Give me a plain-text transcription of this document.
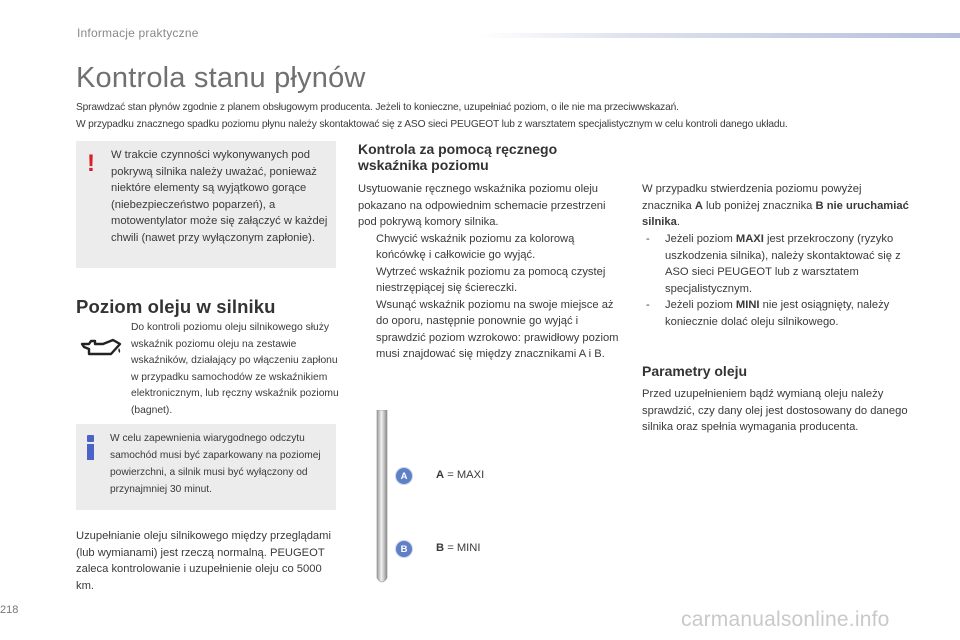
Informacje praktyczne
Kontrola stanu płynów
Sprawdzać stan płynów zgodnie z planem obsługowym producenta. Jeżeli to konieczne, uzupełniać poziom, o ile nie ma przeciwwskazań.
W przypadku znacznego spadku poziomu płynu należy skontaktować się z ASO sieci PEUGEOT lub z warsztatem specjalistycznym w celu kontroli danego układu.
! W trakcie czynności wykonywanych pod pokrywą silnika należy uważać, ponieważ niektóre elementy są wyjątkowo gorące (niebezpieczeństwo poparzeń), a motowentylator może się załączyć w każdej chwili (nawet przy wyłączonym zapłonie).
Poziom oleju w silniku
Do kontroli poziomu oleju silnikowego służy wskaźnik poziomu oleju na zestawie wskaźników, działający po włączeniu zapłonu w przypadku samochodów ze wskaźnikiem elektronicznym, lub ręczny wskaźnik poziomu (bagnet).
W celu zapewnienia wiarygodnego odczytu samochód musi być zaparkowany na poziomej powierzchni, a silnik musi być wyłączony od przynajmniej 30 minut.
Uzupełnianie oleju silnikowego między przeglądami (lub wymianami) jest rzeczą normalną. PEUGEOT zaleca kontrolowanie i uzupełnienie oleju co 5000 km.
Kontrola za pomocą ręcznego wskaźnika poziomu
Usytuowanie ręcznego wskaźnika poziomu oleju pokazano na odpowiednim schemacie przestrzeni pod pokrywą komory silnika.
Chwycić wskaźnik poziomu za kolorową końcówkę i całkowicie go wyjąć.
Wytrzeć wskaźnik poziomu za pomocą czystej niestrzępiącej się ściereczki.
Wsunąć wskaźnik poziomu na swoje miejsce aż do oporu, następnie ponownie go wyjąć i sprawdzić poziom wzrokowo: prawidłowy poziom musi znajdować się między znacznikami A i B.
A
B
A = MAXI
B = MINI
W przypadku stwierdzenia poziomu powyżej znacznika A lub poniżej znacznika B nie uruchamiać silnika.
- Jeżeli poziom MAXI jest przekroczony (ryzyko uszkodzenia silnika), należy skontaktować się z ASO sieci PEUGEOT lub z warsztatem specjalistycznym.
- Jeżeli poziom MINI nie jest osiągnięty, należy koniecznie dolać oleju silnikowego.
Parametry oleju
Przed uzupełnieniem bądź wymianą oleju należy sprawdzić, czy dany olej jest dostosowany do danego silnika oraz spełnia wymagania producenta.
218	carmanualsonline.info
